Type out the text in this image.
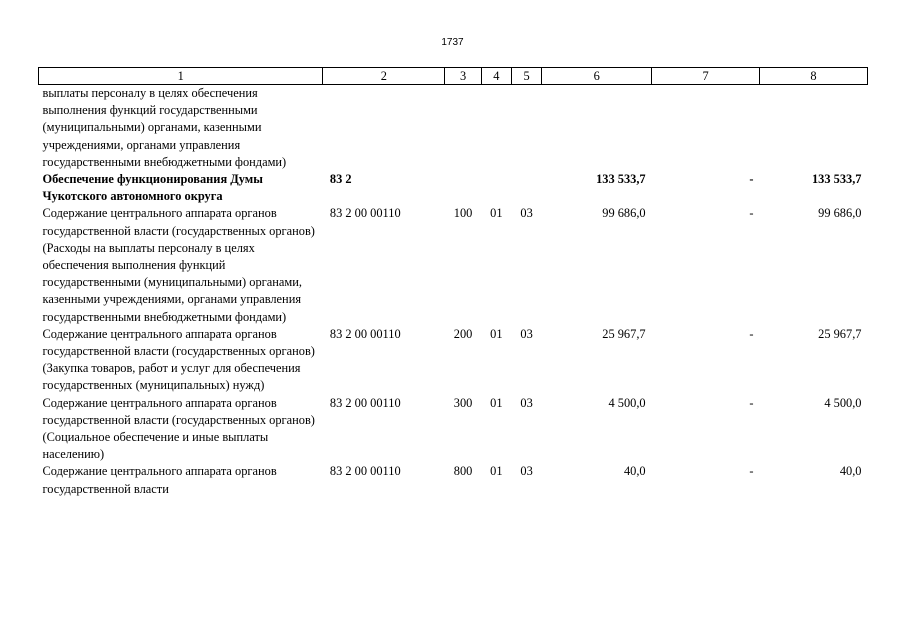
1737
1	2	3	4	5	6	7	8
выплаты персоналу в целях обеспечения выполнения функций государственными (муниципальными) органами, казенными учреждениями, органами управления государственными внебюджетными фондами)							
Обеспечение функционирования Думы Чукотского автономного округа	83 2				133 533,7	-	133 533,7
Содержание центрального аппарата органов государственной власти (государственных органов) (Расходы на выплаты персоналу в целях обеспечения выполнения функций государственными (муниципальными) органами, казенными учреждениями, органами управления государственными внебюджетными фондами)	83 2 00 00110	100	01	03	99 686,0	-	99 686,0
Содержание центрального аппарата органов государственной власти (государственных органов) (Закупка товаров, работ и услуг для обеспечения государственных (муниципальных) нужд)	83 2 00 00110	200	01	03	25 967,7	-	25 967,7
Содержание центрального аппарата органов государственной власти (государственных органов) (Социальное обеспечение и иные выплаты населению)	83 2 00 00110	300	01	03	4 500,0	-	4 500,0
Содержание центрального аппарата органов государственной власти	83 2 00 00110	800	01	03	40,0	-	40,0
